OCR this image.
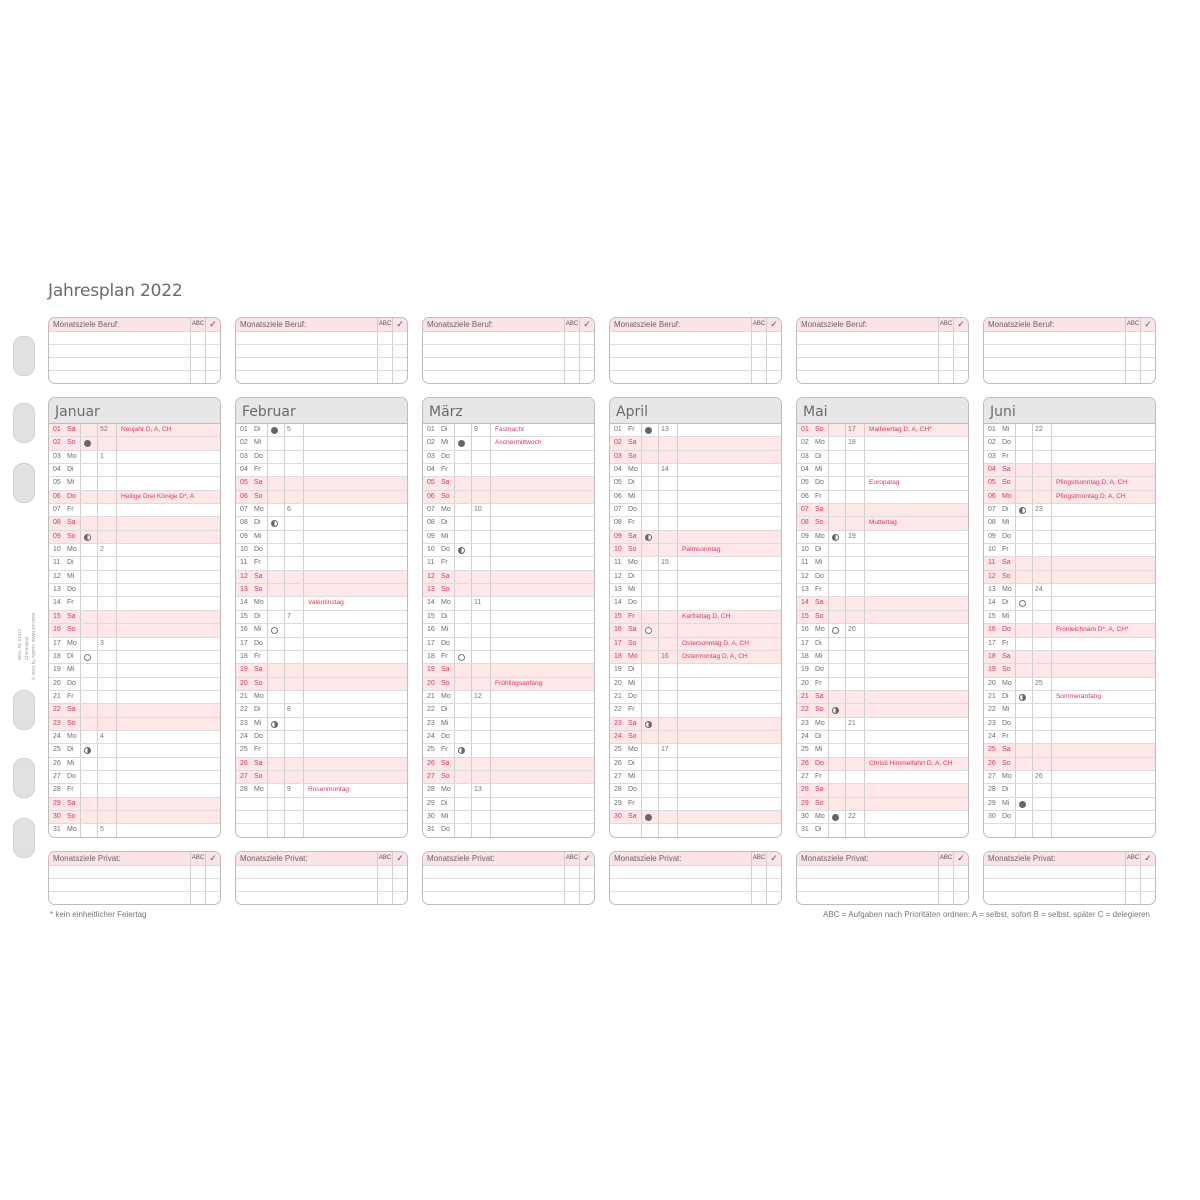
Jahresplan 2022
Best.-Nr. 51272 Chronoplan © 2019 by AVERY ZWECKFORM
Monatsziele Beruf:	ABC ✓	Monatsziele Beruf:	ABC ✓	Monatsziele Beruf:	ABC ✓	Monatsziele Beruf:	ABC ✓	Monatsziele Beruf:	ABC ✓	Monatsziele Beruf:	ABC ✓
Januar
01 Sa	52	Neujahr D, A, CH
02 So
03 Mo	1
04 Di
05 Mi
06 Do	Heilige Drei Könige D*, A
07 Fr
08 Sa
09 So
10 Mo	2
11 Di
12 Mi
13 Do
14 Fr
15 Sa
16 So
17 Mo	3
18 Di
19 Mi
20 Do
21 Fr
22 Sa
23 So
24 Mo	4
25 Di
26 Mi
27 Do
28 Fr
29 Sa
30 So
31 Mo	5
Februar
01 Di	5
02 Mi
03 Do
04 Fr
05 Sa
06 So
07 Mo	6
08 Di
09 Mi
10 Do
11 Fr
12 Sa
13 So
14 Mo	Valentinstag
15 Di	7
16 Mi
17 Do
18 Fr
19 Sa
20 So
21 Mo
22 Di	8
23 Mi
24 Do
25 Fr
26 Sa
27 So
28 Mo	9	Rosenmontag
März
01 Di	9	Fastnacht
02 Mi	Aschermittwoch
03 Do
04 Fr
05 Sa
06 So
07 Mo	10
08 Di
09 Mi
10 Do
11 Fr
12 Sa
13 So
14 Mo	11
15 Di
16 Mi
17 Do
18 Fr
19 Sa
20 So	Frühlingsanfang
21 Mo	12
22 Di
23 Mi
24 Do
25 Fr
26 Sa
27 So
28 Mo	13
29 Di
30 Mi
31 Do
April
01 Fr	13
02 Sa
03 So
04 Mo	14
05 Di
06 Mi
07 Do
08 Fr
09 Sa
10 So	Palmsonntag
11 Mo	15
12 Di
13 Mi
14 Do
15 Fr	Karfreitag D, CH
16 Sa
17 So	Ostersonntag D, A, CH
18 Mo	16	Ostermontag D, A, CH
19 Di
20 Mi
21 Do
22 Fr
23 Sa
24 So
25 Mo	17
26 Di
27 Mi
28 Do
29 Fr
30 Sa
Mai
01 So	17	Maifeiertag D, A, CH*
02 Mo	18
03 Di
04 Mi
05 Do	Europatag
06 Fr
07 Sa
08 So	Muttertag
09 Mo	19
10 Di
11 Mi
12 Do
13 Fr
14 Sa
15 So
16 Mo	20
17 Di
18 Mi
19 Do
20 Fr
21 Sa
22 So
23 Mo	21
24 Di
25 Mi
26 Do	Christi Himmelfahrt D, A, CH
27 Fr
28 Sa
29 So
30 Mo	22
31 Di
Juni
01 Mi	22
02 Do
03 Fr
04 Sa
05 So	Pfingstsonntag D, A, CH
06 Mo	Pfingstmontag D, A, CH
07 Di	23
08 Mi
09 Do
10 Fr
11 Sa
12 So
13 Mo	24
14 Di
15 Mi
16 Do	Fronleichnam D*, A, CH*
17 Fr
18 Sa
19 So
20 Mo	25
21 Di	Sommeranfang
22 Mi
23 Do
24 Fr
25 Sa
26 So
27 Mo	26
28 Di
29 Mi
30 Do
Monatsziele Privat:	ABC ✓	Monatsziele Privat:	ABC ✓	Monatsziele Privat:	ABC ✓	Monatsziele Privat:	ABC ✓	Monatsziele Privat:	ABC ✓	Monatsziele Privat:	ABC ✓
* kein einheitlicher Feiertag	ABC = Aufgaben nach Prioritäten ordnen: A = selbst, sofort B = selbst, später C = delegieren
